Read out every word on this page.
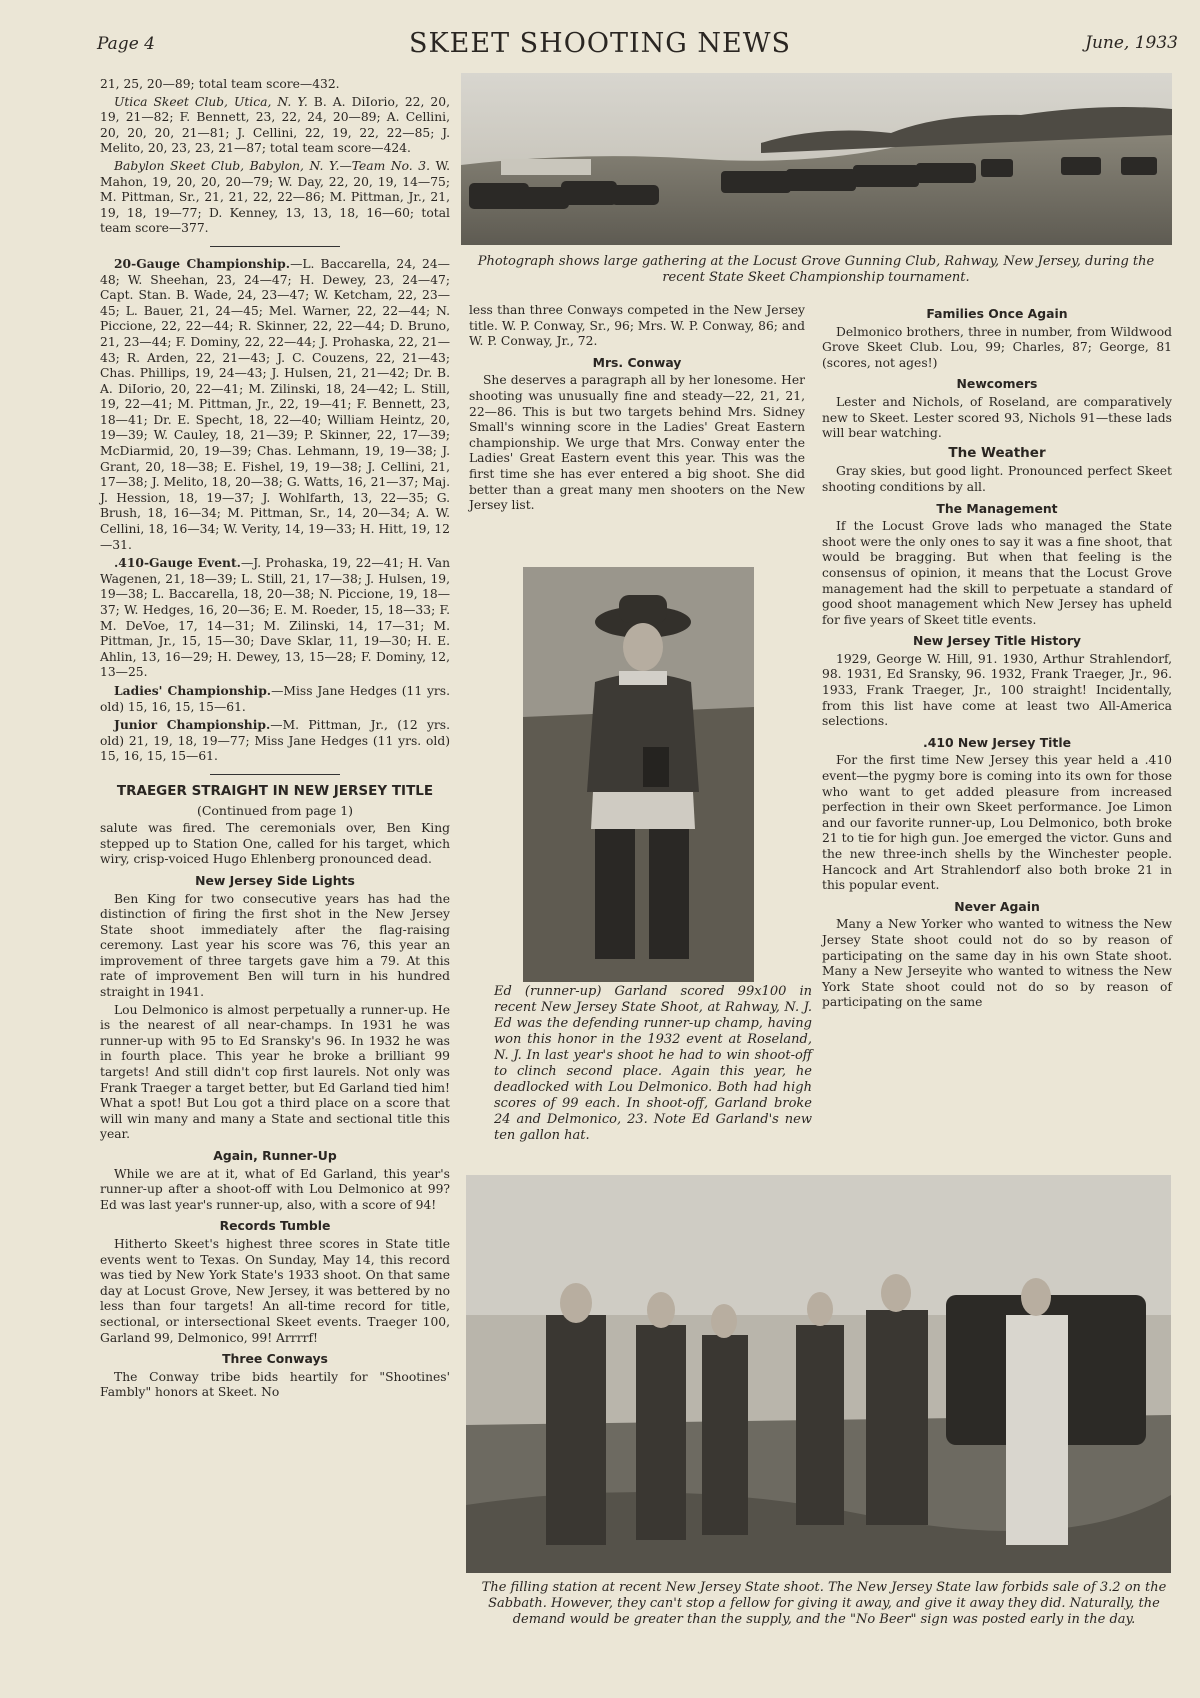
SKEET SHOOTING NEWS
Page 4	June, 1933
Photograph shows large gathering at the Locust Grove Gunning Club, Rahway, New Jersey, during the recent State Skeet Championship tournament.

21, 25, 20—89; total team score—432.

Utica Skeet Club, Utica, N. Y. B. A. DiIorio, 22, 20, 19, 21—82; F. Bennett, 23, 22, 24, 20—89; A. Cellini, 20, 20, 20, 21—81; J. Cellini, 22, 19, 22, 22—85; J. Melito, 20, 23, 23, 21—87; total team score—424.

Babylon Skeet Club, Babylon, N. Y.—Team No. 3. W. Mahon, 19, 20, 20, 20—79; W. Day, 22, 20, 19, 14—75; M. Pittman, Sr., 21, 21, 22, 22—86; M. Pittman, Jr., 21, 19, 18, 19—77; D. Kenney, 13, 13, 18, 16—60; total team score—377.

20-Gauge Championship.—L. Baccarella, 24, 24—48; W. Sheehan, 23, 24—47; H. Dewey, 23, 24—47; Capt. Stan. B. Wade, 24, 23—47; W. Ketcham, 22, 23—45; L. Bauer, 21, 24—45; Mel. Warner, 22, 22—44; N. Piccione, 22, 22—44; R. Skinner, 22, 22—44; D. Bruno, 21, 23—44; F. Dominy, 22, 22—44; J. Prohaska, 22, 21—43; R. Arden, 22, 21—43; J. C. Couzens, 22, 21—43; Chas. Phillips, 19, 24—43; J. Hulsen, 21, 21—42; Dr. B. A. DiIorio, 20, 22—41; M. Zilinski, 18, 24—42; L. Still, 19, 22—41; M. Pittman, Jr., 22, 19—41; F. Bennett, 23, 18—41; Dr. E. Specht, 18, 22—40; William Heintz, 20, 19—39; W. Cauley, 18, 21—39; P. Skinner, 22, 17—39; McDiarmid, 20, 19—39; Chas. Lehmann, 19, 19—38; J. Grant, 20, 18—38; E. Fishel, 19, 19—38; J. Cellini, 21, 17—38; J. Melito, 18, 20—38; G. Watts, 16, 21—37; Maj. J. Hession, 18, 19—37; J. Wohlfarth, 13, 22—35; G. Brush, 18, 16—34; M. Pittman, Sr., 14, 20—34; A. W. Cellini, 18, 16—34; W. Verity, 14, 19—33; H. Hitt, 19, 12—31.

.410-Gauge Event.—J. Prohaska, 19, 22—41; H. Van Wagenen, 21, 18—39; L. Still, 21, 17—38; J. Hulsen, 19, 19—38; L. Baccarella, 18, 20—38; N. Piccione, 19, 18—37; W. Hedges, 16, 20—36; E. M. Roeder, 15, 18—33; F. M. DeVoe, 17, 14—31; M. Zilinski, 14, 17—31; M. Pittman, Jr., 15, 15—30; Dave Sklar, 11, 19—30; H. E. Ahlin, 13, 16—29; H. Dewey, 13, 15—28; F. Dominy, 12, 13—25.

Ladies' Championship.—Miss Jane Hedges (11 yrs. old) 15, 16, 15, 15—61.

Junior Championship.—M. Pittman, Jr., (12 yrs. old) 21, 19, 18, 19—77; Miss Jane Hedges (11 yrs. old) 15, 16, 15, 15—61.

TRAEGER STRAIGHT IN NEW JERSEY TITLE
(Continued from page 1)

salute was fired. The ceremonials over, Ben King stepped up to Station One, called for his target, which wiry, crisp-voiced Hugo Ehlenberg pronounced dead.

New Jersey Side Lights

Ben King for two consecutive years has had the distinction of firing the first shot in the New Jersey State shoot immediately after the flag-raising ceremony. Last year his score was 76, this year an improvement of three targets gave him a 79. At this rate of improvement Ben will turn in his hundred straight in 1941.

Lou Delmonico is almost perpetually a runner-up. He is the nearest of all near-champs. In 1931 he was runner-up with 95 to Ed Sransky's 96. In 1932 he was in fourth place. This year he broke a brilliant 99 targets! And still didn't cop first laurels. Not only was Frank Traeger a target better, but Ed Garland tied him! What a spot! But Lou got a third place on a score that will win many and many a State and sectional title this year.

Again, Runner-Up

While we are at it, what of Ed Garland, this year's runner-up after a shoot-off with Lou Delmonico at 99? Ed was last year's runner-up, also, with a score of 94!

Records Tumble

Hitherto Skeet's highest three scores in State title events went to Texas. On Sunday, May 14, this record was tied by New York State's 1933 shoot. On that same day at Locust Grove, New Jersey, it was bettered by no less than four targets! An all-time record for title, sectional, or intersectional Skeet events. Traeger 100, Garland 99, Delmonico, 99! Arrrrf!

Three Conways

The Conway tribe bids heartily for "Shootines' Fambly" honors at Skeet. No

less than three Conways competed in the New Jersey title. W. P. Conway, Sr., 96; Mrs. W. P. Conway, 86; and W. P. Conway, Jr., 72.

Mrs. Conway

She deserves a paragraph all by her lonesome. Her shooting was unusually fine and steady—22, 21, 21, 22—86. This is but two targets behind Mrs. Sidney Small's winning score in the Ladies' Great Eastern championship. We urge that Mrs. Conway enter the Ladies' Great Eastern event this year. This was the first time she has ever entered a big shoot. She did better than a great many men shooters on the New Jersey list.

Ed (runner-up) Garland scored 99x100 in recent New Jersey State Shoot, at Rahway, N. J. Ed was the defending runner-up champ, having won this honor in the 1932 event at Roseland, N. J. In last year's shoot he had to win shoot-off to clinch second place. Again this year, he deadlocked with Lou Delmonico. Both had high scores of 99 each. In shoot-off, Garland broke 24 and Delmonico, 23. Note Ed Garland's new ten gallon hat.
Families Once Again

Delmonico brothers, three in number, from Wildwood Grove Skeet Club. Lou, 99; Charles, 87; George, 81 (scores, not ages!)

Newcomers

Lester and Nichols, of Roseland, are comparatively new to Skeet. Lester scored 93, Nichols 91—these lads will bear watching.

The Weather

Gray skies, but good light. Pronounced perfect Skeet shooting conditions by all.

The Management

If the Locust Grove lads who managed the State shoot were the only ones to say it was a fine shoot, that would be bragging. But when that feeling is the consensus of opinion, it means that the Locust Grove management had the skill to perpetuate a standard of good shoot management which New Jersey has upheld for five years of Skeet title events.

New Jersey Title History

1929, George W. Hill, 91. 1930, Arthur Strahlendorf, 98. 1931, Ed Sransky, 96. 1932, Frank Traeger, Jr., 96. 1933, Frank Traeger, Jr., 100 straight! Incidentally, from this list have come at least two All-America selections.

.410 New Jersey Title

For the first time New Jersey this year held a .410 event—the pygmy bore is coming into its own for those who want to get added pleasure from increased perfection in their own Skeet performance. Joe Limon and our favorite runner-up, Lou Delmonico, both broke 21 to tie for high gun. Joe emerged the victor. Guns and the new three-inch shells by the Winchester people. Hancock and Art Strahlendorf also both broke 21 in this popular event.

Never Again

Many a New Yorker who wanted to witness the New Jersey State shoot could not do so by reason of participating on the same day in his own State shoot. Many a New Jerseyite who wanted to witness the New York State shoot could not do so by reason of participating on the same

The filling station at recent New Jersey State shoot. The New Jersey State law forbids sale of 3.2 on the Sabbath. However, they can't stop a fellow for giving it away, and give it away they did. Naturally, the demand would be greater than the supply, and the "No Beer" sign was posted early in the day.
